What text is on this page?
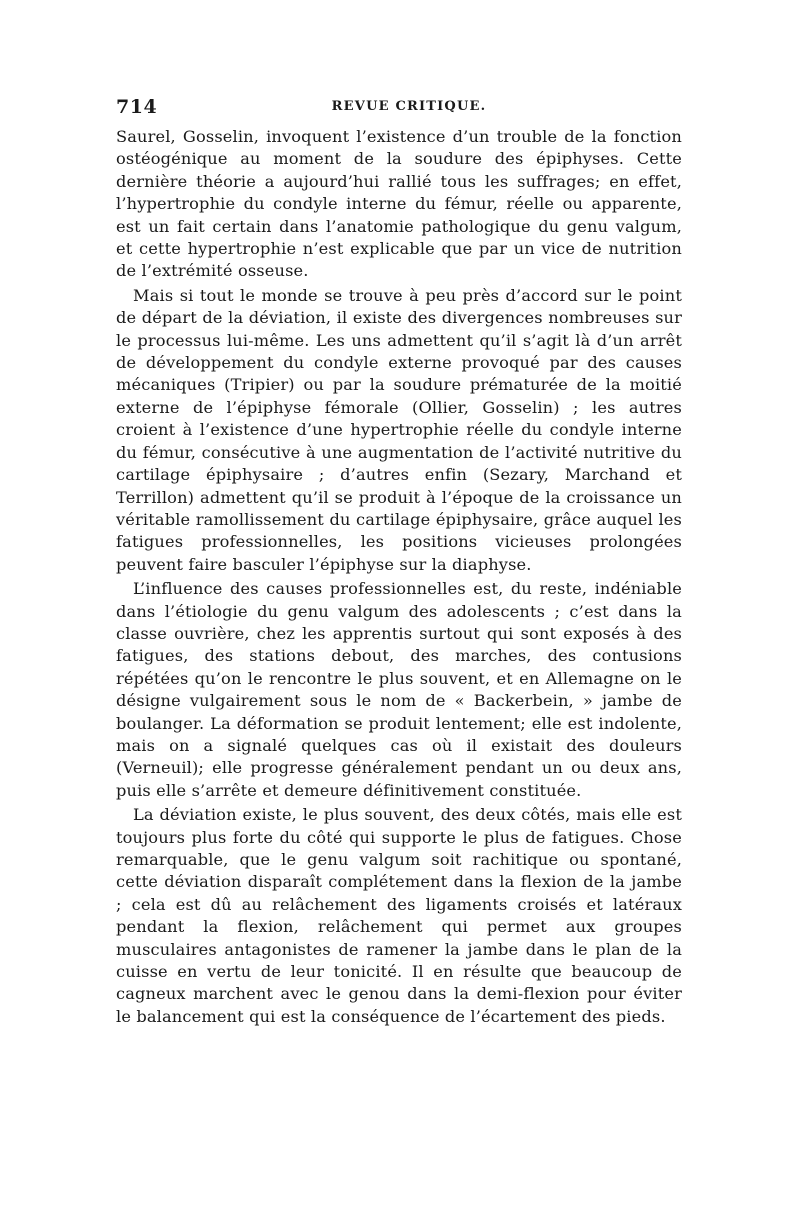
714	REVUE CRITIQUE.

Saurel, Gosselin, invoquent l’existence d’un trouble de la fonction ostéogénique au moment de la soudure des épiphyses. Cette dernière théorie a aujourd’hui rallié tous les suffrages; en effet, l’hypertrophie du condyle interne du fémur, réelle ou apparente, est un fait certain dans l’anatomie pathologique du genu valgum, et cette hypertrophie n’est explicable que par un vice de nutrition de l’extrémité osseuse.

Mais si tout le monde se trouve à peu près d’accord sur le point de départ de la déviation, il existe des divergences nombreuses sur le processus lui-même. Les uns admettent qu’il s’agit là d’un arrêt de développement du condyle externe provoqué par des causes mécaniques (Tripier) ou par la soudure prématurée de la moitié externe de l’épiphyse fémorale (Ollier, Gosselin) ; les autres croient à l’existence d’une hypertrophie réelle du condyle interne du fémur, consécutive à une augmentation de l’activité nutritive du cartilage épiphysaire ; d’autres enfin (Sezary, Marchand et Terrillon) admettent qu’il se produit à l’époque de la croissance un véritable ramollissement du cartilage épiphysaire, grâce auquel les fatigues professionnelles, les positions vicieuses prolongées peuvent faire basculer l’épiphyse sur la diaphyse.

L’influence des causes professionnelles est, du reste, indéniable dans l’étiologie du genu valgum des adolescents ; c’est dans la classe ouvrière, chez les apprentis surtout qui sont exposés à des fatigues, des stations debout, des marches, des contusions répétées qu’on le rencontre le plus souvent, et en Allemagne on le désigne vulgairement sous le nom de « Backerbein, » jambe de boulanger. La déformation se produit lentement; elle est indolente, mais on a signalé quelques cas où il existait des douleurs (Verneuil); elle progresse généralement pendant un ou deux ans, puis elle s’arrête et demeure définitivement constituée.

La déviation existe, le plus souvent, des deux côtés, mais elle est toujours plus forte du côté qui supporte le plus de fatigues. Chose remarquable, que le genu valgum soit rachitique ou spontané, cette déviation disparaît complétement dans la flexion de la jambe ; cela est dû au relâchement des ligaments croisés et latéraux pendant la flexion, relâchement qui permet aux groupes musculaires antagonistes de ramener la jambe dans le plan de la cuisse en vertu de leur tonicité. Il en résulte que beaucoup de cagneux marchent avec le genou dans la demi-flexion pour éviter le balancement qui est la conséquence de l’écartement des pieds.
